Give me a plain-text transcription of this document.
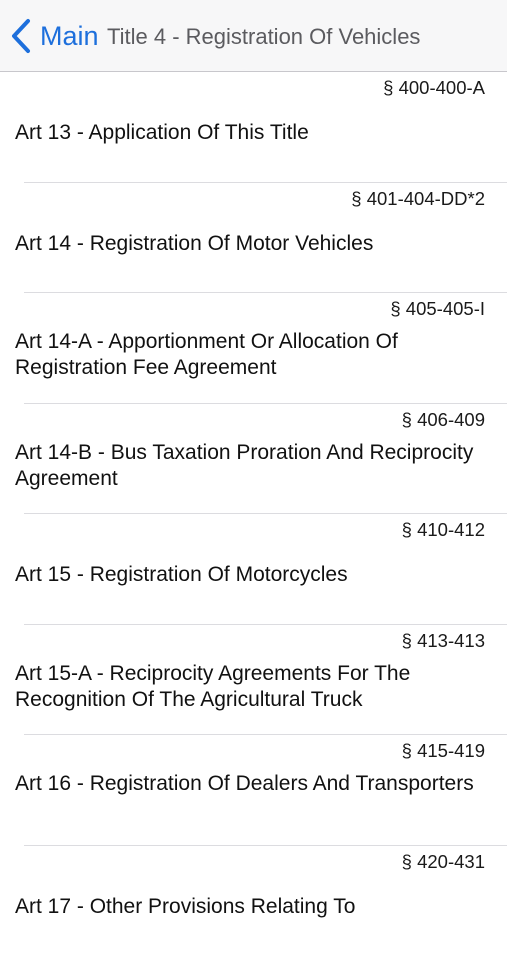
Main Title 4 - Registration Of Vehicles
§ 400-400-A
Art 13 - Application Of This Title
§ 401-404-DD*2
Art 14 - Registration Of Motor Vehicles
§ 405-405-I
Art 14-A - Apportionment Or Allocation Of Registration Fee Agreement
§ 406-409
Art 14-B - Bus Taxation Proration And Reciprocity Agreement
§ 410-412
Art 15 - Registration Of Motorcycles
§ 413-413
Art 15-A - Reciprocity Agreements For The Recognition Of The Agricultural Truck
§ 415-419
Art 16 - Registration Of Dealers And Transporters
§ 420-431
Art 17 - Other Provisions Relating To
